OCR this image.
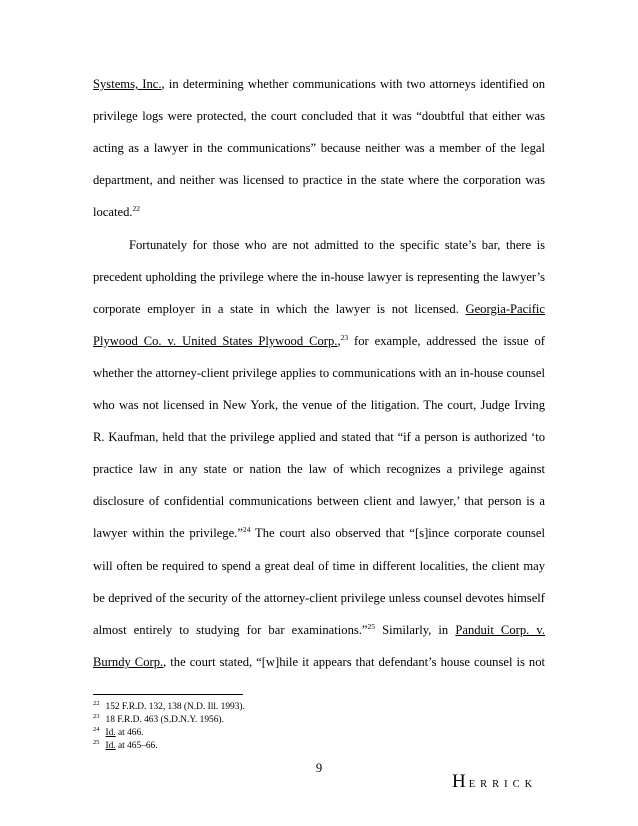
Systems, Inc., in determining whether communications with two attorneys identified on
privilege logs were protected, the court concluded that it was “doubtful that either was
acting as a lawyer in the communications” because neither was a member of the legal
department, and neither was licensed to practice in the state where the corporation was
located.$^{22}$
Fortunately for those who are not admitted to the specific state’s bar, there is
precedent upholding the privilege where the in-house lawyer is representing the lawyer’s
corporate employer in a state in which the lawyer is not licensed. Georgia-Pacific
Plywood Co. v. United States Plywood Corp.,$^{23}$ for example, addressed the issue of
whether the attorney-client privilege applies to communications with an in-house counsel
who was not licensed in New York, the venue of the litigation. The court, Judge Irving
R. Kaufman, held that the privilege applied and stated that “if a person is authorized ‘to
practice law in any state or nation the law of which recognizes a privilege against
disclosure of confidential communications between client and lawyer,’ that person is a
lawyer within the privilege.”$^{24}$ The court also observed that “[s]ince corporate counsel
will often be required to spend a great deal of time in different localities, the client may
be deprived of the security of the attorney-client privilege unless counsel devotes himself
almost entirely to studying for bar examinations.”$^{25}$ Similarly, in Panduit Corp. v.
Burndy Corp., the court stated, “[w]hile it appears that defendant’s house counsel is not
$^{22}$ 152 F.R.D. 132, 138 (N.D. Ill. 1993).
$^{23}$ 18 F.R.D. 463 (S.D.N.Y. 1956).
$^{24}$ Id. at 466.
$^{25}$ Id. at 465–66.
9
HERRICK
